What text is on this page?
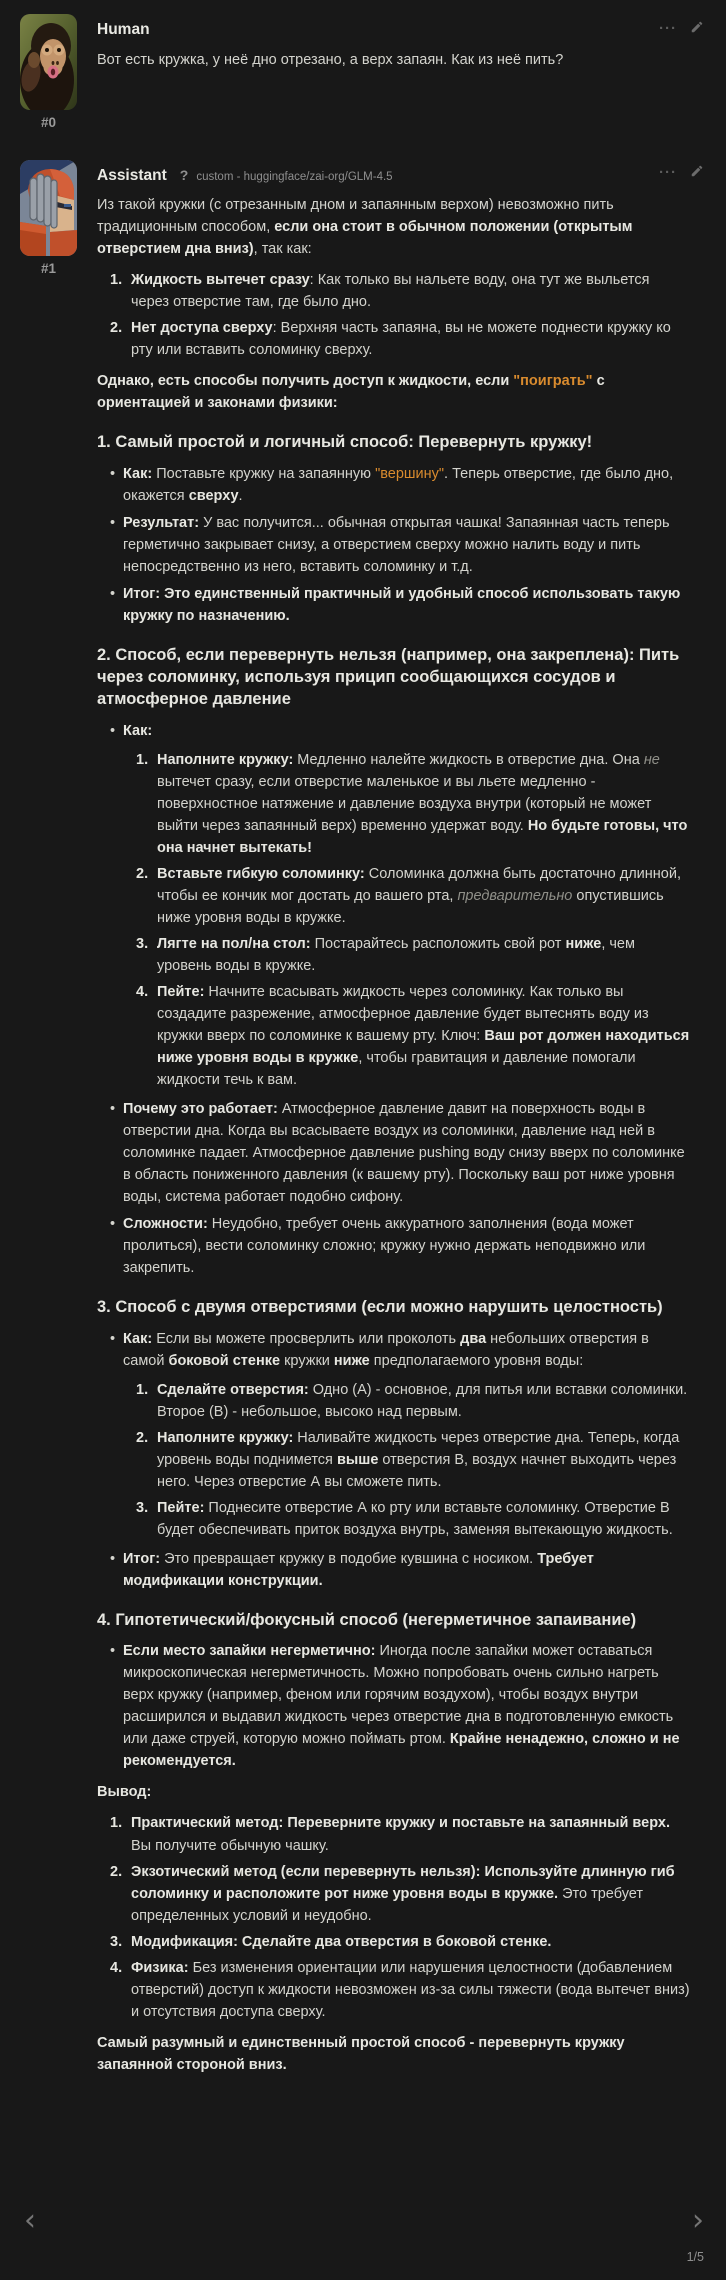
#0
Human

Вот есть кружка, у неё дно отрезано, а верх запаян. Как из неё пить?

···
#1
Assistant ? custom - huggingface/zai-org/GLM-4.5

Из такой кружки (с отрезанным дном и запаянным верхом) невозможно пить традиционным способом, если она стоит в обычном положении (открытым отверстием дна вниз), так как:

Жидкость вытечет сразу: Как только вы нальете воду, она тут же выльется через отверстие там, где было дно.
Нет доступа сверху: Верхняя часть запаяна, вы не можете поднести кружку ко рту или вставить соломинку сверху.

Однако, есть способы получить доступ к жидкости, если "поиграть" с ориентацией и законами физики:

1. Самый простой и логичный способ: Перевернуть кружку!
• Как: Поставьте кружку на запаянную "вершину". Теперь отверстие, где было дно, окажется сверху.
• Результат: У вас получится... обычная открытая чашка! Запаянная часть теперь герметично закрывает снизу, а отверстием сверху можно налить воду и пить непосредственно из него, вставить соломинку и т.д.
• Итог: Это единственный практичный и удобный способ использовать такую кружку по назначению.
2. Способ, если перевернуть нельзя (например, она закреплена): Пить через соломинку, используя прицип сообщающихся сосудов и атмосферное давление
• Как:
Наполните кружку: Медленно налейте жидкость в отверстие дна. Она не вытечет сразу, если отверстие маленькое и вы льете медленно - поверхностное натяжение и давление воздуха внутри (который не может выйти через запаянный верх) временно удержат воду. Но будьте готовы, что она начнет вытекать!
Вставьте гибкую соломинку: Соломинка должна быть достаточно длинной, чтобы ее кончик мог достать до вашего рта, предварительно опустившись ниже уровня воды в кружке.
Лягте на пол/на стол: Постарайтесь расположить свой рот ниже, чем уровень воды в кружке.
Пейте: Начните всасывать жидкость через соломинку. Как только вы создадите разрежение, атмосферное давление будет вытеснять воду из кружки вверх по соломинке к вашему рту. Ключ: Ваш рот должен находиться ниже уровня воды в кружке, чтобы гравитация и давление помогали жидкости течь к вам.
• Почему это работает: Атмосферное давление давит на поверхность воды в отверстии дна. Когда вы всасываете воздух из соломинки, давление над ней в соломинке падает. Атмосферное давление pushing воду снизу вверх по соломинке в область пониженного давления (к вашему рту). Поскольку ваш рот ниже уровня воды, система работает подобно сифону.
• Сложности: Неудобно, требует очень аккуратного заполнения (вода может пролиться), вести соломинку сложно; кружку нужно держать неподвижно или закрепить.
3. Способ с двумя отверстиями (если можно нарушить целостность)
• Как: Если вы можете просверлить или проколоть два небольших отверстия в самой боковой стенке кружки ниже предполагаемого уровня воды:
Сделайте отверстия: Одно (А) - основное, для питья или вставки соломинки. Второе (В) - небольшое, высоко над первым.
Наполните кружку: Наливайте жидкость через отверстие дна. Теперь, когда уровень воды поднимется выше отверстия В, воздух начнет выходить через него. Через отверстие А вы сможете пить.
Пейте: Поднесите отверстие А ко рту или вставьте соломинку. Отверстие В будет обеспечивать приток воздуха внутрь, заменяя вытекающую жидкость.
• Итог: Это превращает кружку в подобие кувшина с носиком. Требует модификации конструкции.
4. Гипотетический/фокусный способ (негерметичное запаивание)
• Если место запайки негерметично: Иногда после запайки может оставаться микроскопическая негерметичность. Можно попробовать очень сильно нагреть верх кружку (например, феном или горячим воздухом), чтобы воздух внутри расширился и выдавил жидкость через отверстие дна в подготовленную емкость или даже струей, которую можно поймать ртом. Крайне ненадежно, сложно и не рекомендуется.

Вывод:

Практический метод: Переверните кружку и поставьте на запаянный верх. Вы получите обычную чашку.
Экзотический метод (если перевернуть нельзя): Используйте длинную гиб соломинку и расположите рот ниже уровня воды в кружке. Это требует определенных условий и неудобно.
Модификация: Сделайте два отверстия в боковой стенке.
Физика: Без изменения ориентации или нарушения целостности (добавлением отверстий) доступ к жидкости невозможен из-за силы тяжести (вода вытечет вниз) и отсутствия доступа сверху.

Самый разумный и единственный простой способ - перевернуть кружку запаянной стороной вниз.

···
‹	›
1/5
